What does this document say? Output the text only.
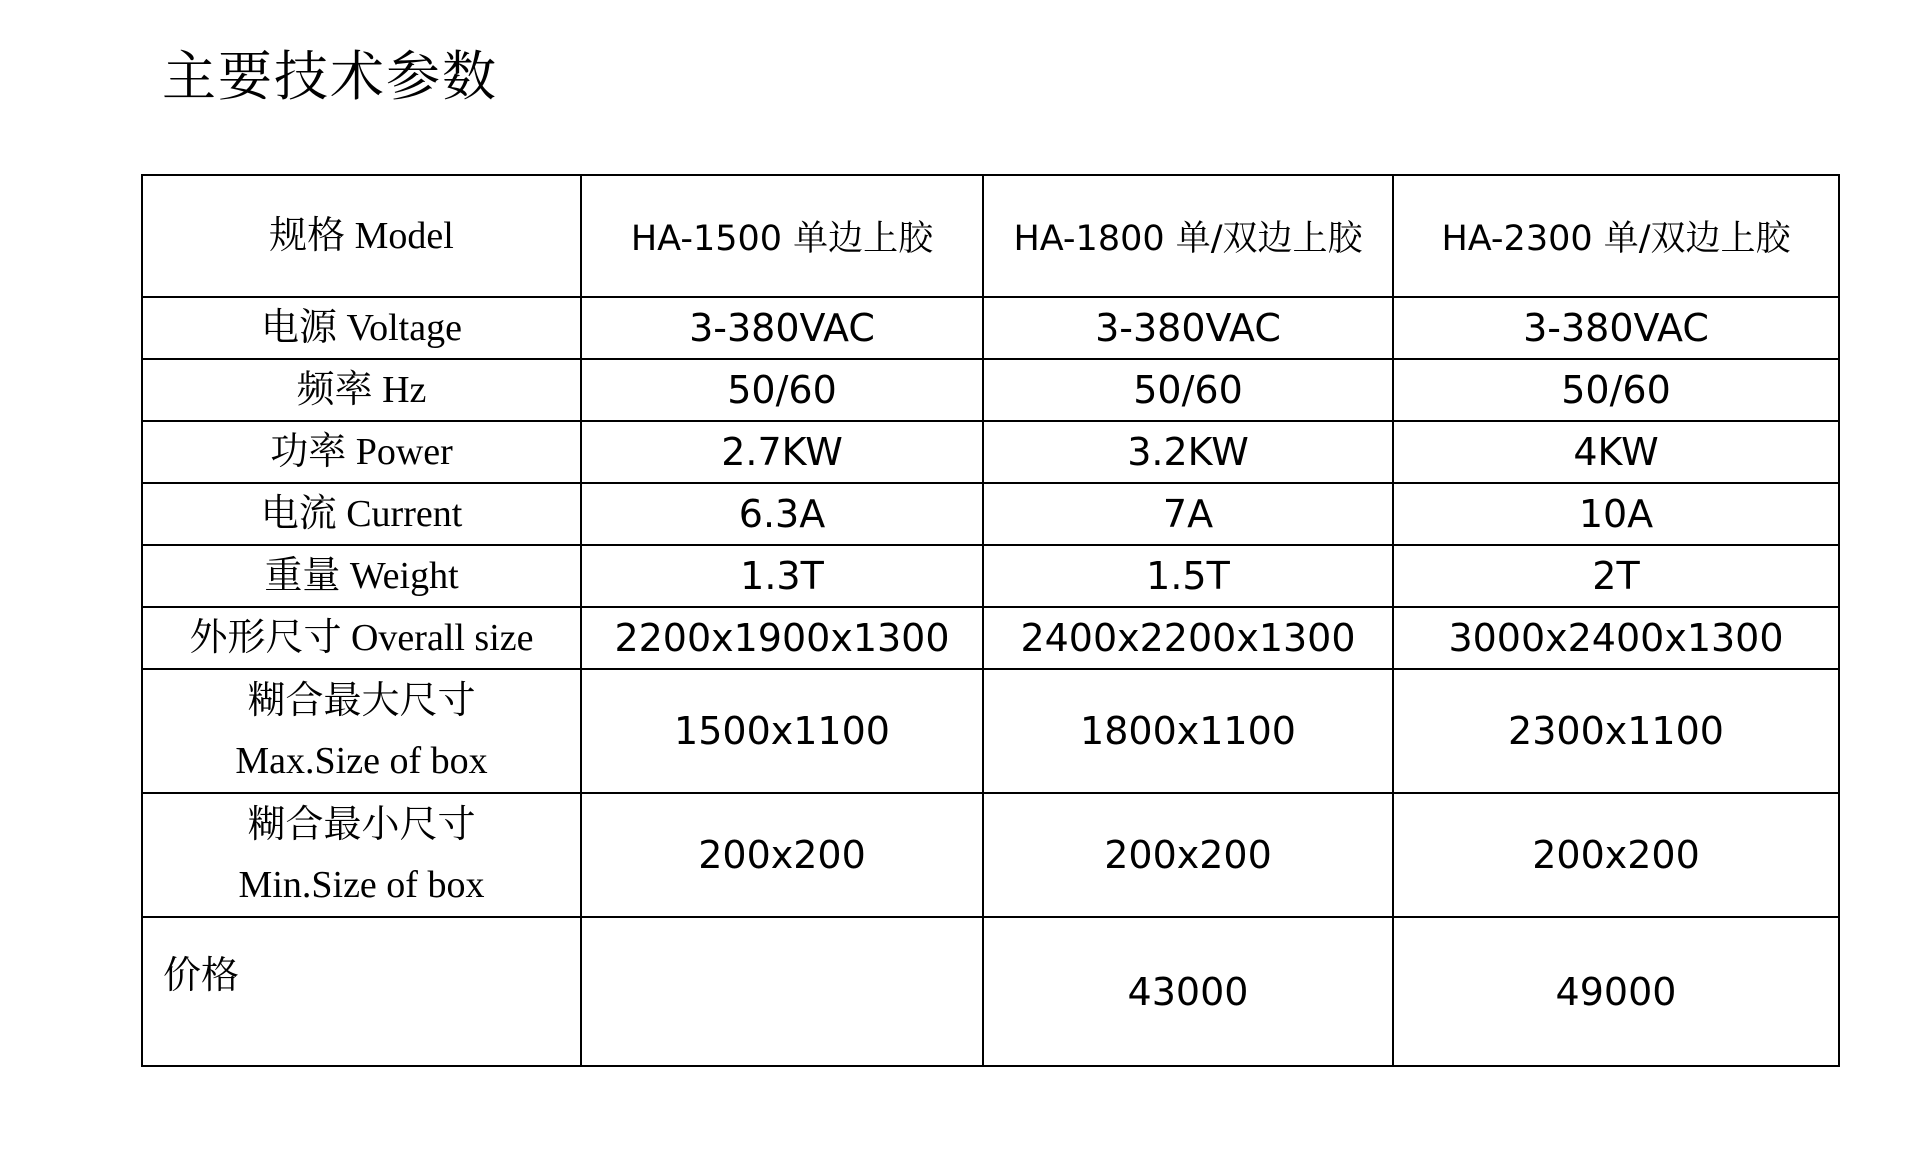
主要技术参数
规格 Model	HA-1500 单边上胶	HA-1800 单/双边上胶	HA-2300 单/双边上胶
电源 Voltage	3-380VAC	3-380VAC	3-380VAC
频率 Hz	50/60	50/60	50/60
功率 Power	2.7KW	3.2KW	4KW
电流 Current	6.3A	7A	10A
重量 Weight	1.3T	1.5T	2T
外形尺寸 Overall size	2200x1900x1300	2400x2200x1300	3000x2400x1300

糊合最大尺寸
Max.Size of box	1500x1100	1800x1100	2300x1100

糊合最小尺寸
Min.Size of box	200x200	200x200	200x200
价格		43000	49000
